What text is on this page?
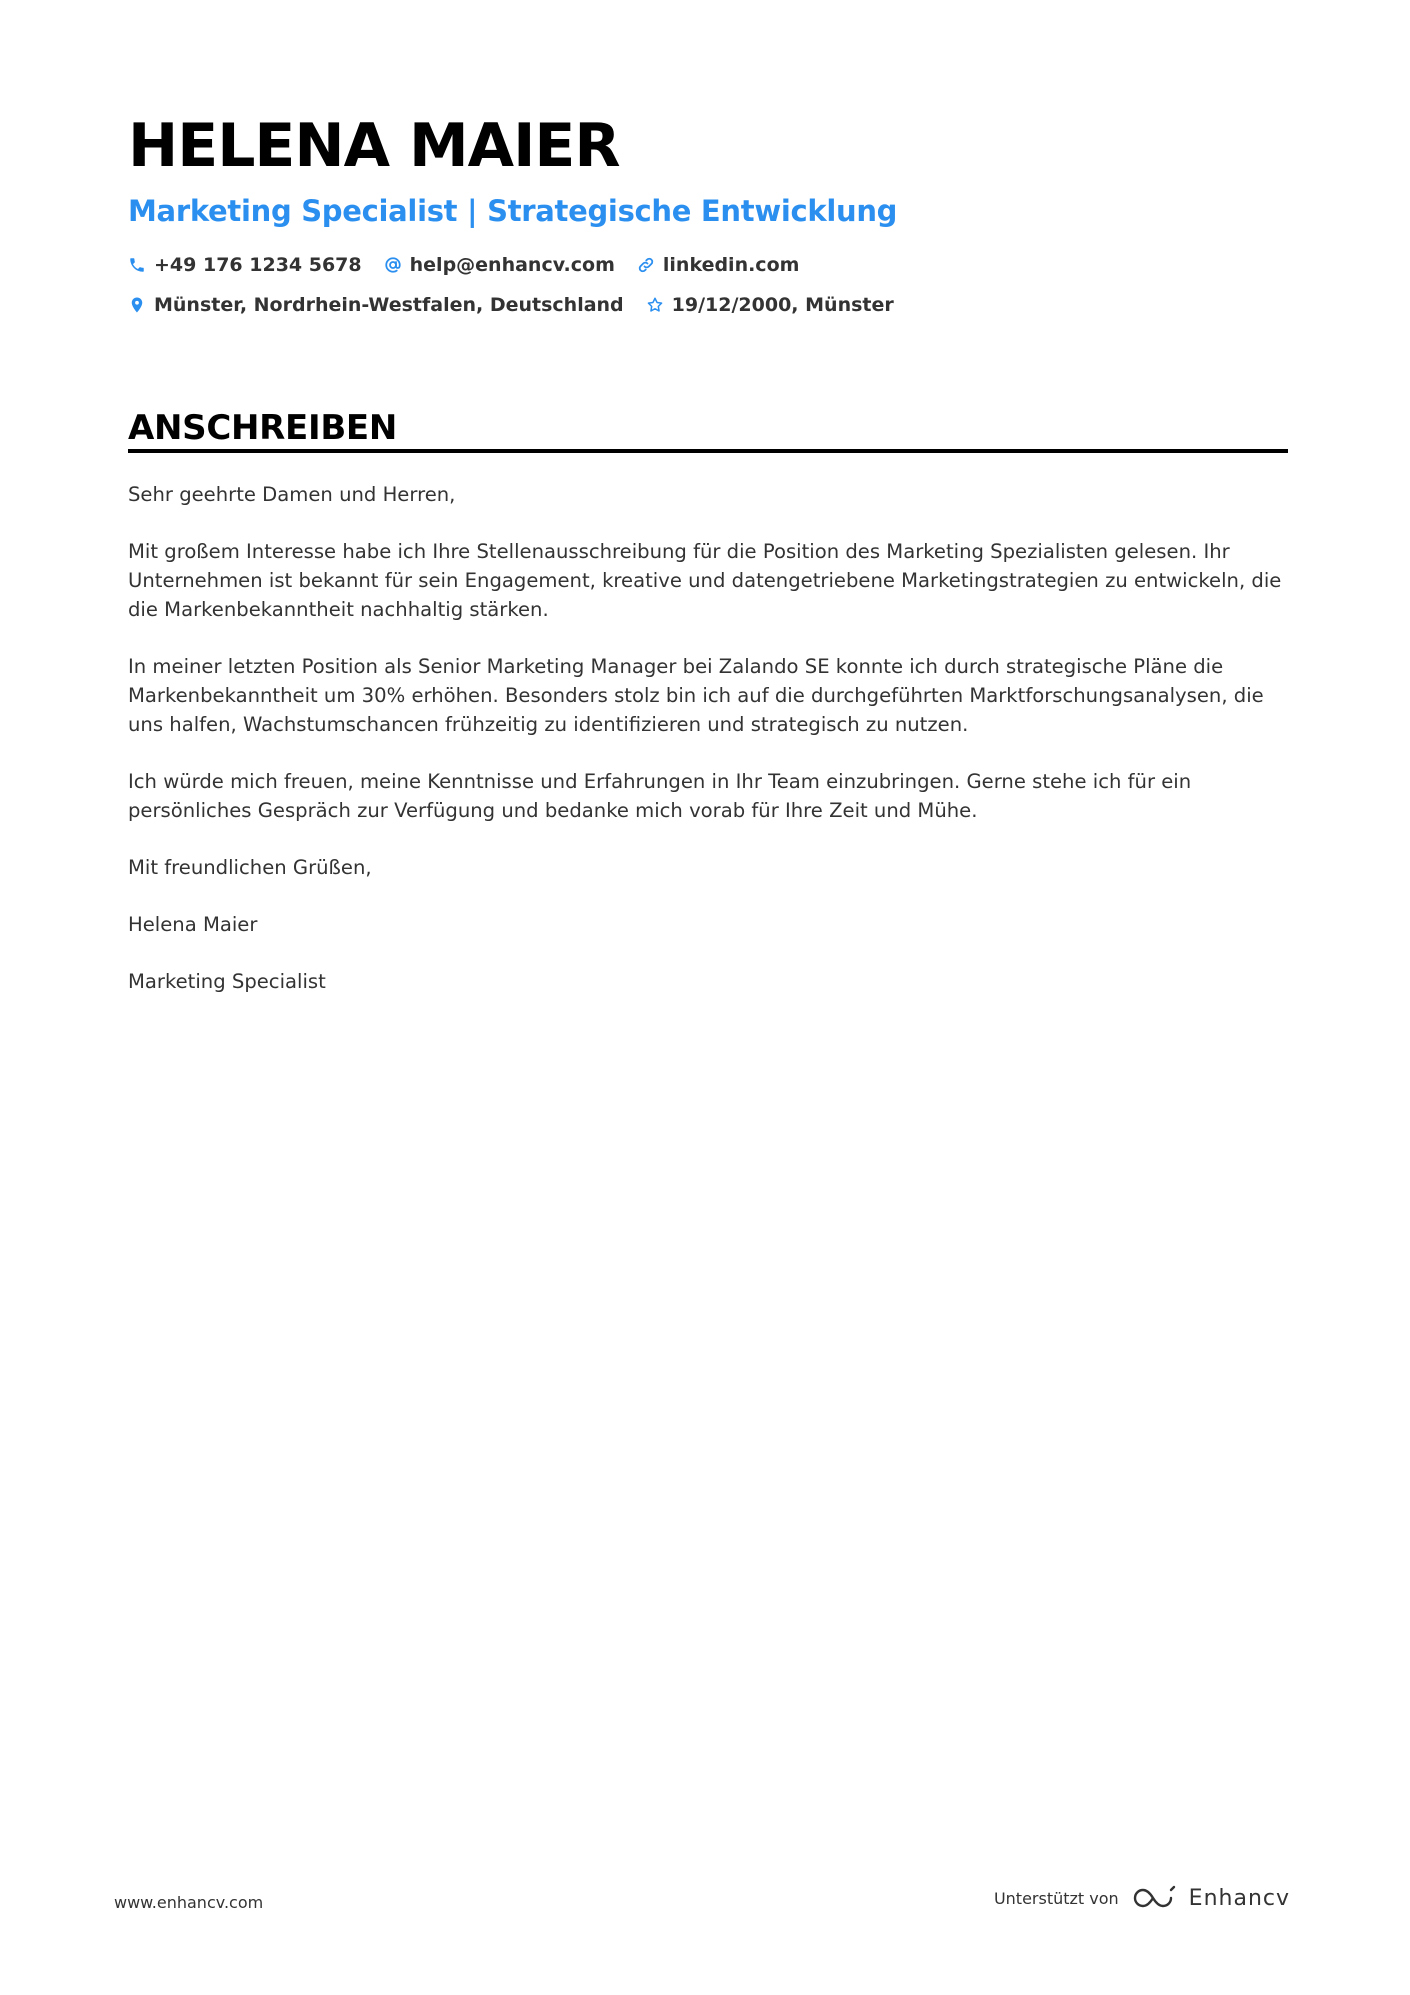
HELENA MAIER
Marketing Specialist | Strategische Entwicklung
+49 176 1234 5678	help@enhancv.com	linkedin.com
Münster, Nordrhein-Westfalen, Deutschland	19/12/2000, Münster
ANSCHREIBEN

Sehr geehrte Damen und Herren,

Mit großem Interesse habe ich Ihre Stellenausschreibung für die Position des Marketing Spezialisten gelesen. Ihr Unternehmen ist bekannt für sein Engagement, kreative und datengetriebene Marketingstrategien zu entwickeln, die die Markenbekanntheit nachhaltig stärken.

In meiner letzten Position als Senior Marketing Manager bei Zalando SE konnte ich durch strategische Pläne die Markenbekanntheit um 30% erhöhen. Besonders stolz bin ich auf die durchgeführten Marktforschungsanalysen, die uns halfen, Wachstumschancen frühzeitig zu identifizieren und strategisch zu nutzen.

Ich würde mich freuen, meine Kenntnisse und Erfahrungen in Ihr Team einzubringen. Gerne stehe ich für ein persönliches Gespräch zur Verfügung und bedanke mich vorab für Ihre Zeit und Mühe.

Mit freundlichen Grüßen,

Helena Maier

Marketing Specialist

www.enhancv.com	Unterstützt von	Enhancv
